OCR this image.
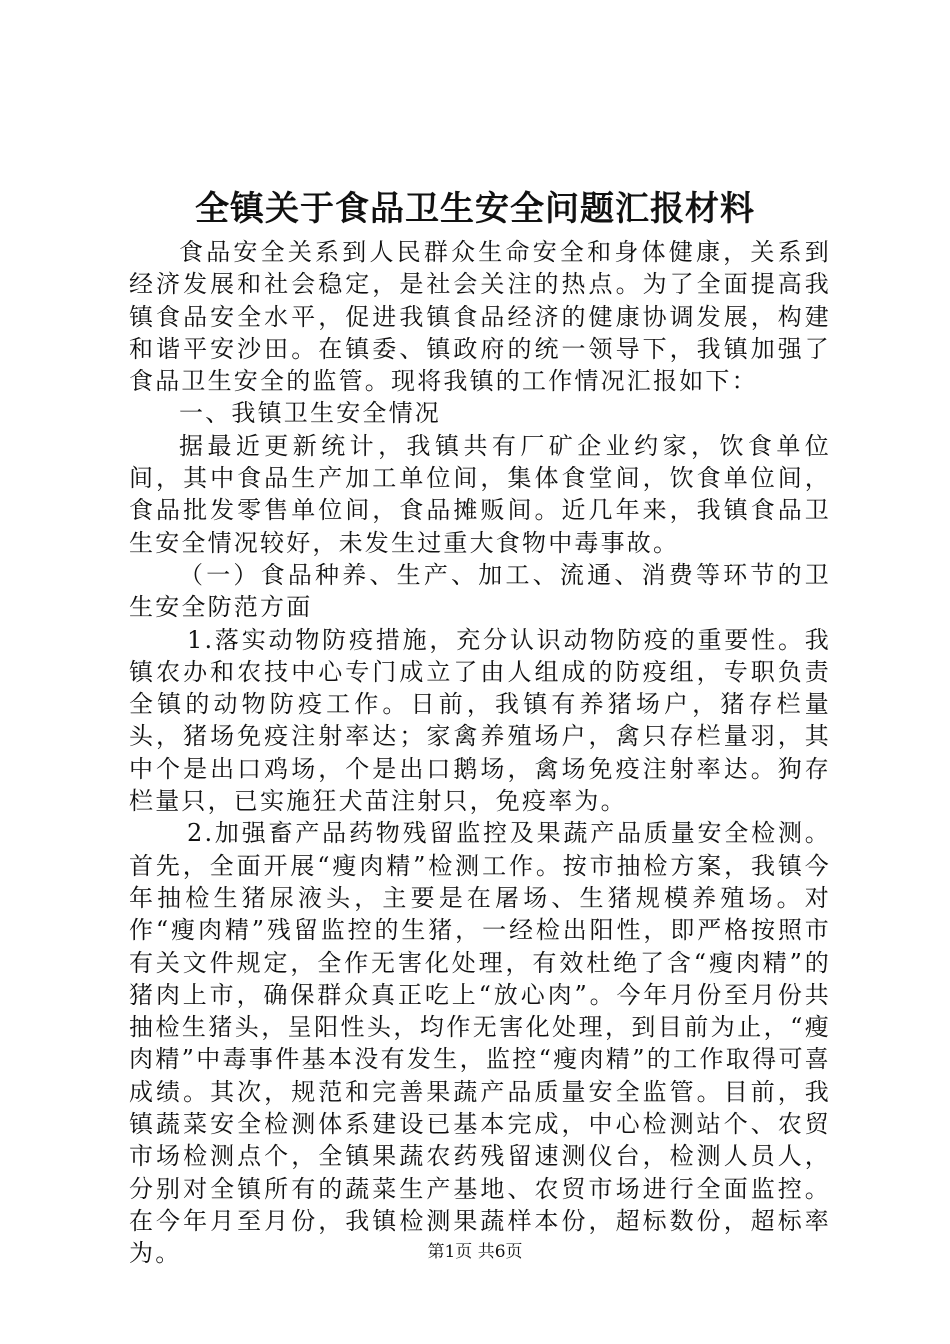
全镇关于食品卫生安全问题汇报材料

食品安全关系到人民群众生命安全和身体健康，关系到经济发展和社会稳定，是社会关注的热点。为了全面提高我镇食品安全水平，促进我镇食品经济的健康协调发展，构建和谐平安沙田。在镇委、镇政府的统一领导下，我镇加强了食品卫生安全的监管。现将我镇的工作情况汇报如下：

一、我镇卫生安全情况

据最近更新统计，我镇共有厂矿企业约家，饮食单位间，其中食品生产加工单位间，集体食堂间，饮食单位间，食品批发零售单位间，食品摊贩间。近几年来，我镇食品卫生安全情况较好，未发生过重大食物中毒事故。

（一）食品种养、生产、加工、流通、消费等环节的卫生安全防范方面

1.落实动物防疫措施，充分认识动物防疫的重要性。我镇农办和农技中心专门成立了由人组成的防疫组，专职负责全镇的动物防疫工作。日前，我镇有养猪场户，猪存栏量头，猪场免疫注射率达；家禽养殖场户，禽只存栏量羽，其中个是出口鸡场，个是出口鹅场，禽场免疫注射率达。狗存栏量只，已实施狂犬苗注射只，免疫率为。

2.加强畜产品药物残留监控及果蔬产品质量安全检测。首先，全面开展“瘦肉精”检测工作。按市抽检方案，我镇今年抽检生猪尿液头，主要是在屠场、生猪规模养殖场。对作“瘦肉精”残留监控的生猪，一经检出阳性，即严格按照市有关文件规定，全作无害化处理，有效杜绝了含“瘦肉精”的猪肉上市，确保群众真正吃上“放心肉”。今年月份至月份共抽检生猪头，呈阳性头，均作无害化处理，到目前为止，“瘦肉精”中毒事件基本没有发生，监控“瘦肉精”的工作取得可喜成绩。其次，规范和完善果蔬产品质量安全监管。目前，我镇蔬菜安全检测体系建设已基本完成，中心检测站个、农贸市场检测点个，全镇果蔬农药残留速测仪台，检测人员人，分别对全镇所有的蔬菜生产基地、农贸市场进行全面监控。在今年月至月份，我镇检测果蔬样本份，超标数份，超标率为。	第1页 共6页
